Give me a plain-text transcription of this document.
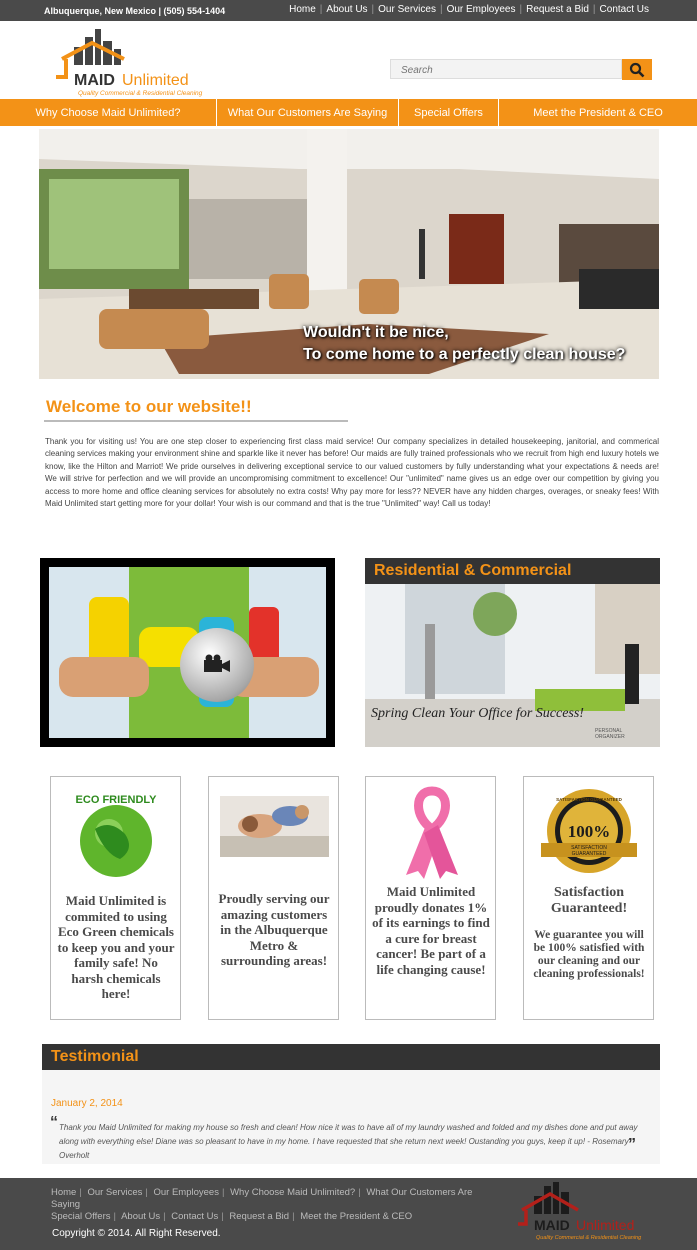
Albuquerque, New Mexico | (505) 554-1404	Home | About Us | Our Services | Our Employees | Request a Bid | Contact Us
MAID Unlimited
Quality Commercial & Residential Cleaning
Search
Why Choose Maid Unlimited?	What Our Customers Are Saying	Special Offers	Meet the President & CEO
Wouldn't it be nice,
To come home to a perfectly clean house?
Welcome to our website!!
Thank you for visiting us! You are one step closer to experiencing first class maid service! Our company specializes in detailed housekeeping, janitorial, and commerical cleaning services making your environment shine and sparkle like it never has before! Our maids are fully trained professionals who we recruit from high end luxury hotels we know, like the Hilton and Marriot! We pride ourselves in delivering exceptional service to our valued customers by fully understanding what your expectations & needs are! We will strive for perfection and we will provide an uncompromising commitment to excellence! Our "unlimited" name gives us an edge over our competition by giving you access to more home and office cleaning services for absolutely no extra costs! Why pay more for less?? NEVER have any hidden charges, overages, or sneaky fees! With Maid Unlimited start getting more for your dollar! Your wish is our command and that is the true "Unlimited" way! Call us today!
Residential & Commercial
Spring Clean Your Office for Success!
PERSONAL
ORGANIZER
ECO FRIENDLY
Maid Unlimited is commited to using Eco Green chemicals to keep you and your family safe! No harsh chemicals here!
Proudly serving our amazing customers in the Albuquerque Metro & surrounding areas!
Maid Unlimited proudly donates 1% of its earnings to find a cure for breast cancer! Be part of a life changing cause!
SATISFACTION GUARANTEED
100%
SATISFACTION
GUARANTEED
Satisfaction Guaranteed!
We guarantee you will be 100% satisfied with our cleaning and our cleaning professionals!
Testimonial
January 2, 2014
“ Thank you Maid Unlimited for making my house so fresh and clean! How nice it was to have all of my laundry washed and folded and my dishes done and put away along with everything else! Diane was so pleasant to have in my home. I have requested that she return next week! Oustanding you guys, keep it up! - Rosemary Overholt
”
Home | Our Services | Our Employees | Why Choose Maid Unlimited? | What Our Customers Are Saying
Special Offers | About Us | Contact Us | Request a Bid | Meet the President & CEO
Copyright © 2014. All Right Reserved.
MAID Unlimited
Quality Commercial & Residential Cleaning
